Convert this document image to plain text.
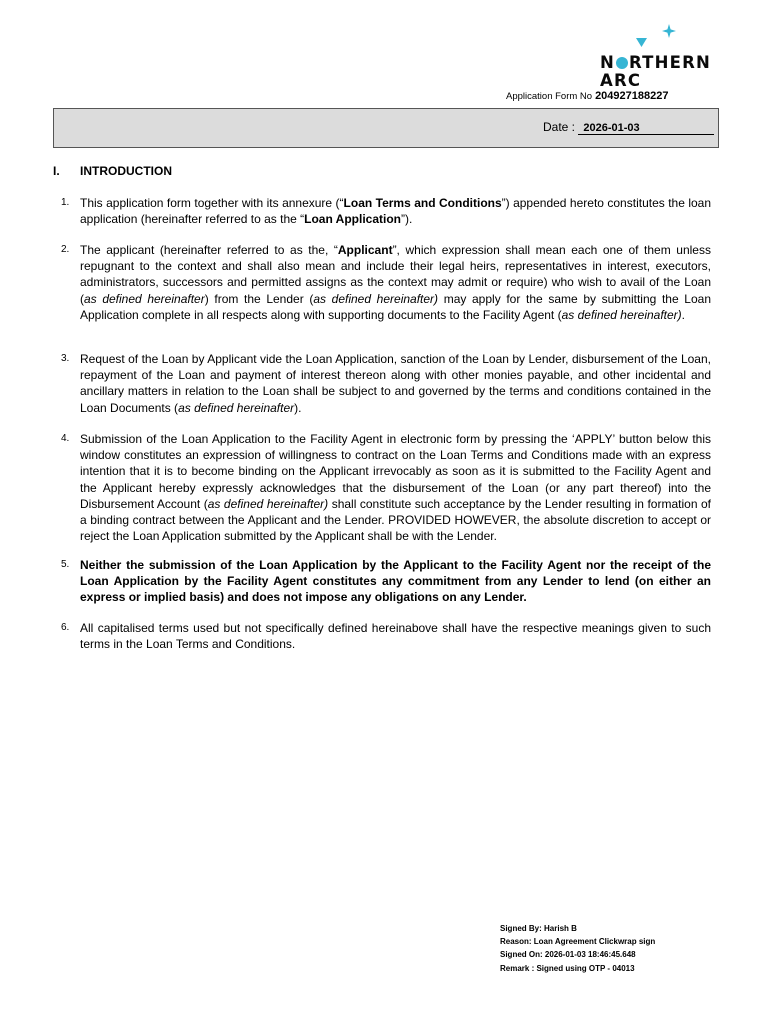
N RTHERN
ARC
Application Form No 204927188227
Date : 2026-01-03
I. INTRODUCTION
1. This application form together with its annexure (“Loan Terms and Conditions”) appended hereto constitutes the loan application (hereinafter referred to as the “Loan Application”).
2. The applicant (hereinafter referred to as the, “Applicant”, which expression shall mean each one of them unless repugnant to the context and shall also mean and include their legal heirs, representatives in interest, executors, administrators, successors and permitted assigns as the context may admit or require) who wish to avail of the Loan (as defined hereinafter) from the Lender (as defined hereinafter) may apply for the same by submitting the Loan Application complete in all respects along with supporting documents to the Facility Agent (as defined hereinafter).
3. Request of the Loan by Applicant vide the Loan Application, sanction of the Loan by Lender, disbursement of the Loan, repayment of the Loan and payment of interest thereon along with other monies payable, and other incidental and ancillary matters in relation to the Loan shall be subject to and governed by the terms and conditions contained in the Loan Documents (as defined hereinafter).
4. Submission of the Loan Application to the Facility Agent in electronic form by pressing the ‘APPLY’ button below this window constitutes an expression of willingness to contract on the Loan Terms and Conditions made with an express intention that it is to become binding on the Applicant irrevocably as soon as it is submitted to the Facility Agent and the Applicant hereby expressly acknowledges that the disbursement of the Loan (or any part thereof) into the Disbursement Account (as defined hereinafter) shall constitute such acceptance by the Lender resulting in formation of a binding contract between the Applicant and the Lender. PROVIDED HOWEVER, the absolute discretion to accept or reject the Loan Application submitted by the Applicant shall be with the Lender.
5. Neither the submission of the Loan Application by the Applicant to the Facility Agent nor the receipt of the Loan Application by the Facility Agent constitutes any commitment from any Lender to lend (on either an express or implied basis) and does not impose any obligations on any Lender.
6. All capitalised terms used but not specifically defined hereinabove shall have the respective meanings given to such terms in the Loan Terms and Conditions.
Signed By: Harish B
Reason: Loan Agreement Clickwrap sign
Signed On: 2026-01-03 18:46:45.648
Remark : Signed using OTP - 04013
